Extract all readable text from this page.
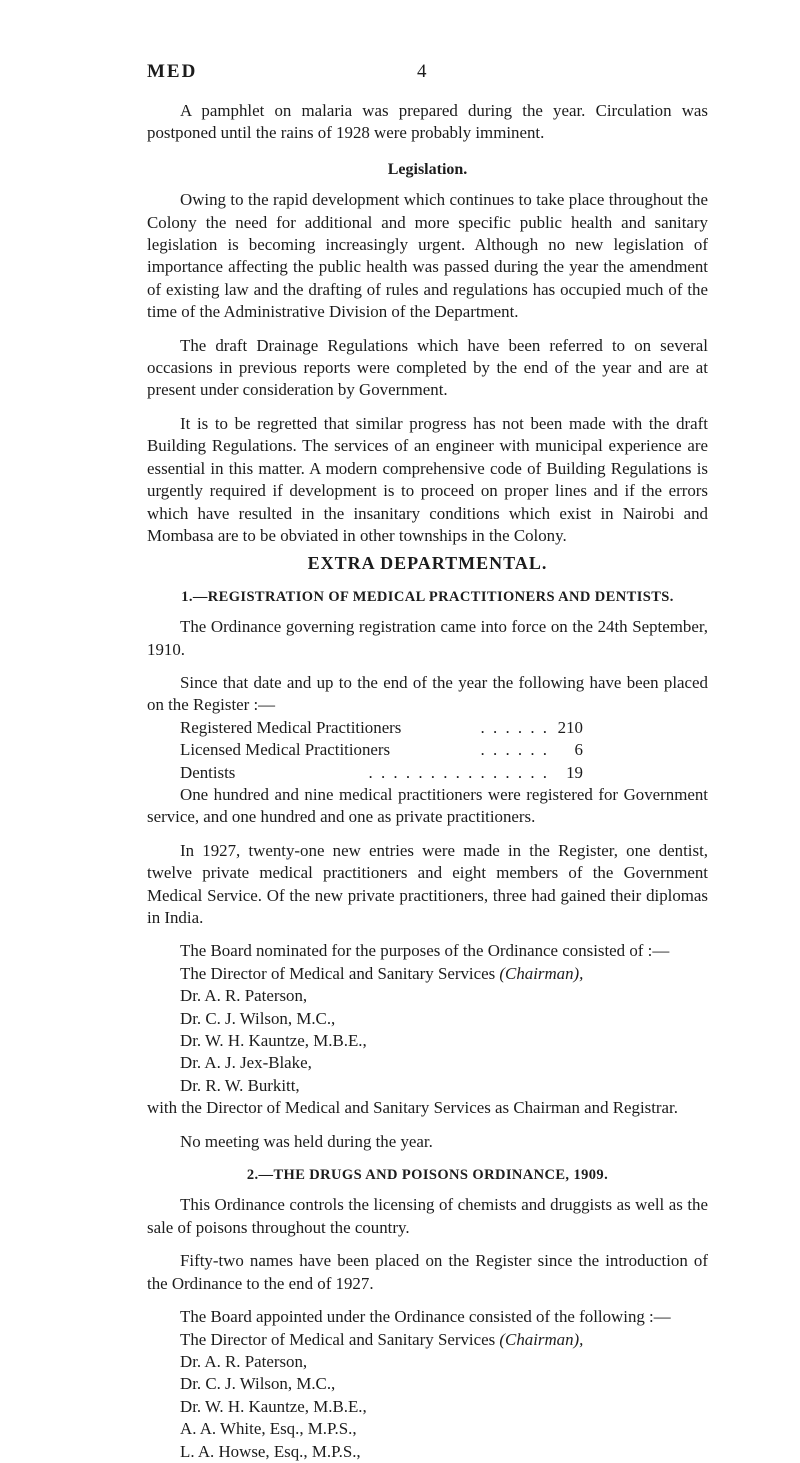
MED	4

A pamphlet on malaria was prepared during the year. Circulation was postponed until the rains of 1928 were probably imminent.

Legislation.

Owing to the rapid development which continues to take place throughout the Colony the need for additional and more specific public health and sanitary legislation is becoming increasingly urgent. Although no new legislation of importance affecting the public health was passed during the year the amendment of existing law and the drafting of rules and regulations has occupied much of the time of the Administrative Division of the Department.

The draft Drainage Regulations which have been referred to on several occasions in previous reports were completed by the end of the year and are at present under consideration by Government.

It is to be regretted that similar progress has not been made with the draft Building Regulations. The services of an engineer with municipal experience are essential in this matter. A modern comprehensive code of Building Regulations is urgently required if development is to proceed on proper lines and if the errors which have resulted in the insanitary conditions which exist in Nairobi and Mombasa are to be obviated in other townships in the Colony.

EXTRA DEPARTMENTAL.
1.—REGISTRATION OF MEDICAL PRACTITIONERS AND DENTISTS.

The Ordinance governing registration came into force on the 24th September, 1910.

Since that date and up to the end of the year the following have been placed on the Register :—

Registered Medical Practitioners	. . . . . . 210
Licensed Medical Practitioners	. . . . . .	6
Dentists	. . . . . . . . . . . . . . .	19

One hundred and nine medical practitioners were registered for Government service, and one hundred and one as private practitioners.

In 1927, twenty-one new entries were made in the Register, one dentist, twelve private medical practitioners and eight members of the Government Medical Service. Of the new private practitioners, three had gained their diplomas in India.

The Board nominated for the purposes of the Ordinance consisted of :—

The Director of Medical and Sanitary Services (Chairman),
Dr. A. R. Paterson,
Dr. C. J. Wilson, M.C.,
Dr. W. H. Kauntze, M.B.E.,
Dr. A. J. Jex-Blake,
Dr. R. W. Burkitt,

with the Director of Medical and Sanitary Services as Chairman and Registrar.

No meeting was held during the year.

2.—THE DRUGS AND POISONS ORDINANCE, 1909.

This Ordinance controls the licensing of chemists and druggists as well as the sale of poisons throughout the country.

Fifty-two names have been placed on the Register since the introduction of the Ordinance to the end of 1927.

The Board appointed under the Ordinance consisted of the following :—

The Director of Medical and Sanitary Services (Chairman),
Dr. A. R. Paterson,
Dr. C. J. Wilson, M.C.,
Dr. W. H. Kauntze, M.B.E.,
A. A. White, Esq., M.P.S.,
L. A. Howse, Esq., M.P.S.,
